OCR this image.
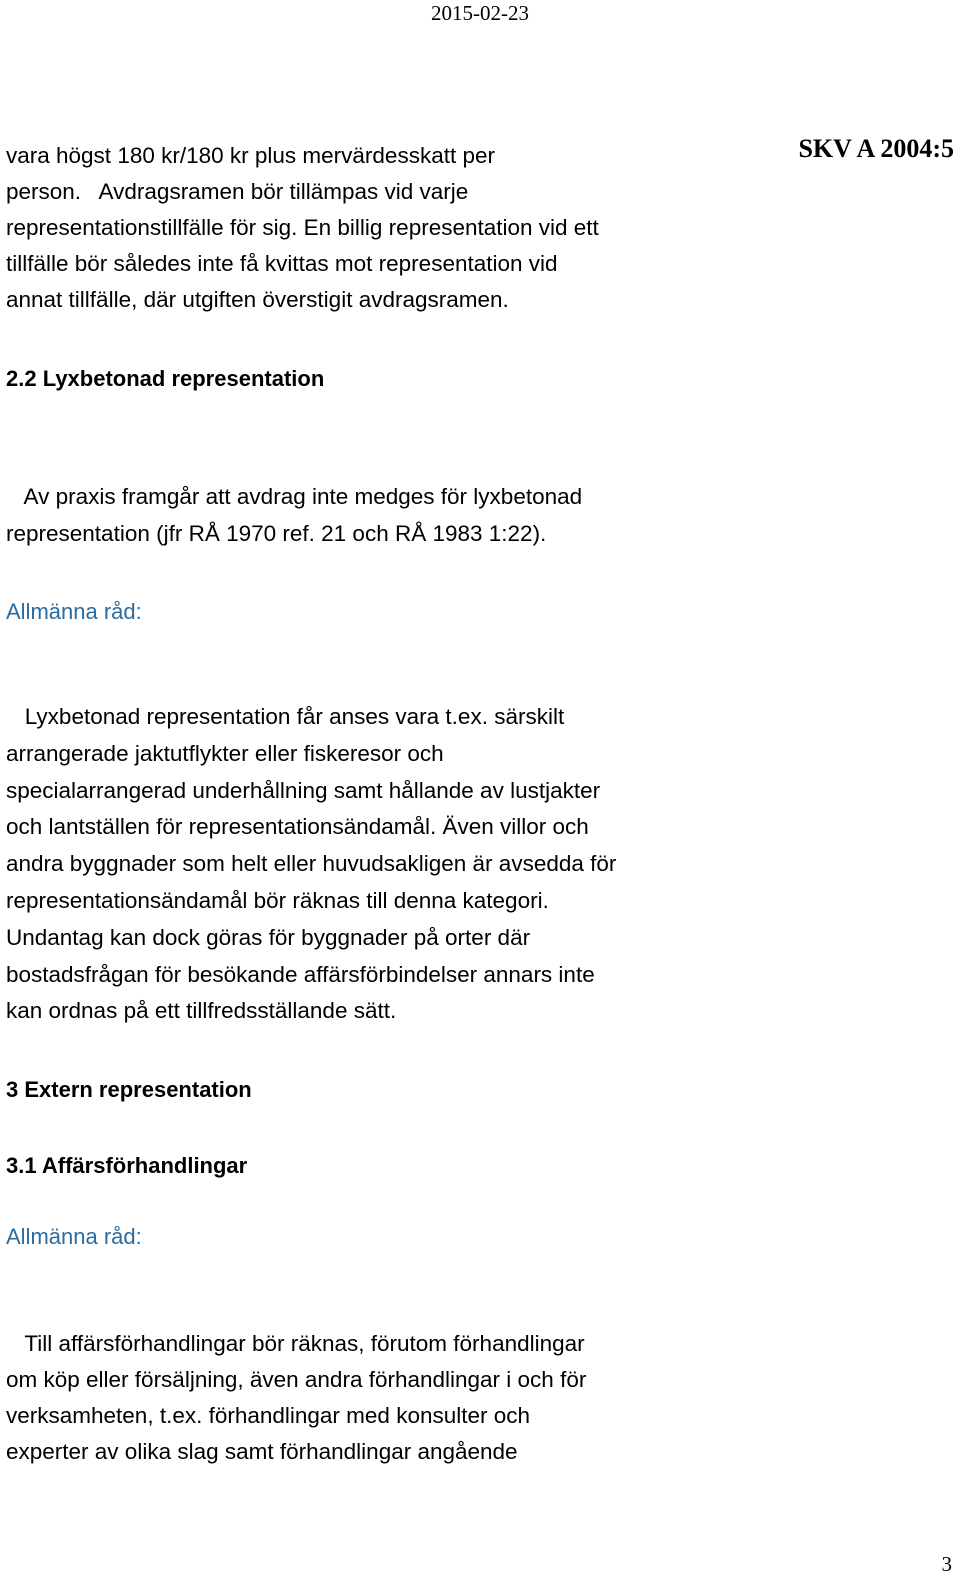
2015-02-23
SKV A 2004:5
vara högst 180 kr/180 kr plus mervärdesskatt per
person.   Avdragsramen bör tillämpas vid varje
representationstillfälle för sig. En billig representation vid ett
tillfälle bör således inte få kvittas mot representation vid
annat tillfälle, där utgiften överstigit avdragsramen.
2.2 Lyxbetonad representation
Av praxis framgår att avdrag inte medges för lyxbetonad
representation (jfr RÅ 1970 ref. 21 och RÅ 1983 1:22).
Allmänna råd:
Lyxbetonad representation får anses vara t.ex. särskilt
arrangerade jaktutflykter eller fiskeresor och
specialarrangerad underhållning samt hållande av lustjakter
och lantställen för representationsändamål. Även villor och
andra byggnader som helt eller huvudsakligen är avsedda för
representationsändamål bör räknas till denna kategori.
Undantag kan dock göras för byggnader på orter där
bostadsfrågan för besökande affärsförbindelser annars inte
kan ordnas på ett tillfredsställande sätt.
3 Extern representation
3.1 Affärsförhandlingar
Allmänna råd:
Till affärsförhandlingar bör räknas, förutom förhandlingar
om köp eller försäljning, även andra förhandlingar i och för
verksamheten, t.ex. förhandlingar med konsulter och
experter av olika slag samt förhandlingar angående
3
